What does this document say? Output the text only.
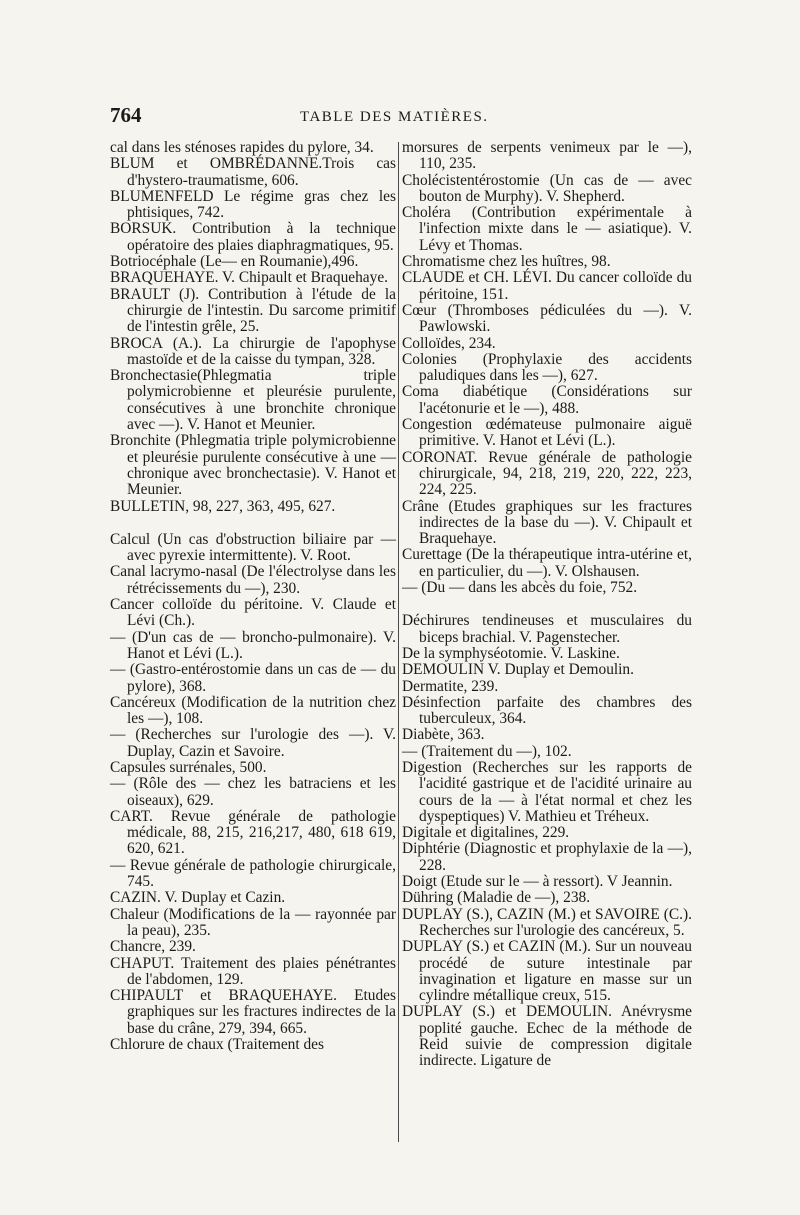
764	TABLE DES MATIÈRES.
cal dans les sténoses rapides du pylore, 34.
BLUM et OMBRÉDANNE.Trois cas d'hystero-traumatisme, 606.
BLUMENFELD Le régime gras chez les phtisiques, 742.
BORSUK. Contribution à la technique opératoire des plaies diaphragmatiques, 95.
Botriocéphale (Le— en Roumanie),496.
BRAQUEHAYE. V. Chipault et Braquehaye.
BRAULT (J). Contribution à l'étude de la chirurgie de l'intestin. Du sarcome primitif de l'intestin grêle, 25.
BROCA (A.). La chirurgie de l'apophyse mastoïde et de la caisse du tympan, 328.
Bronchectasie(Phlegmatia triple polymicrobienne et pleurésie purulente, consécutives à une bronchite chronique avec —). V. Hanot et Meunier.
Bronchite (Phlegmatia triple polymicrobienne et pleurésie purulente consécutive à une — chronique avec bronchectasie). V. Hanot et Meunier.
BULLETIN, 98, 227, 363, 495, 627.
Calcul (Un cas d'obstruction biliaire par — avec pyrexie intermittente). V. Root.
Canal lacrymo-nasal (De l'électrolyse dans les rétrécissements du —), 230.
Cancer colloïde du péritoine. V. Claude et Lévi (Ch.).
— (D'un cas de — broncho-pulmonaire). V. Hanot et Lévi (L.).
— (Gastro-entérostomie dans un cas de — du pylore), 368.
Cancéreux (Modification de la nutrition chez les —), 108.
— (Recherches sur l'urologie des —). V. Duplay, Cazin et Savoire.
Capsules surrénales, 500.
— (Rôle des — chez les batraciens et les oiseaux), 629.
CART. Revue générale de pathologie médicale, 88, 215, 216,217, 480, 618 619, 620, 621.
— Revue générale de pathologie chirurgicale, 745.
CAZIN. V. Duplay et Cazin.
Chaleur (Modifications de la — rayonnée par la peau), 235.
Chancre, 239.
CHAPUT. Traitement des plaies pénétrantes de l'abdomen, 129.
CHIPAULT et BRAQUEHAYE. Etudes graphiques sur les fractures indirectes de la base du crâne, 279, 394, 665.
Chlorure de chaux (Traitement des
morsures de serpents venimeux par le —), 110, 235.
Cholécistentérostomie (Un cas de — avec bouton de Murphy). V. Shepherd.
Choléra (Contribution expérimentale à l'infection mixte dans le — asiatique). V. Lévy et Thomas.
Chromatisme chez les huîtres, 98.
CLAUDE et CH. LÉVI. Du cancer colloïde du péritoine, 151.
Cœur (Thromboses pédiculées du —). V. Pawlowski.
Colloïdes, 234.
Colonies (Prophylaxie des accidents paludiques dans les —), 627.
Coma diabétique (Considérations sur l'acétonurie et le —), 488.
Congestion œdémateuse pulmonaire aiguë primitive. V. Hanot et Lévi (L.).
CORONAT. Revue générale de pathologie chirurgicale, 94, 218, 219, 220, 222, 223, 224, 225.
Crâne (Etudes graphiques sur les fractures indirectes de la base du —). V. Chipault et Braquehaye.
Curettage (De la thérapeutique intra-utérine et, en particulier, du —). V. Olshausen.
— (Du — dans les abcès du foie, 752.
Déchirures tendineuses et musculaires du biceps brachial. V. Pagenstecher.
De la symphyséotomie. V. Laskine.
DEMOULIN V. Duplay et Demoulin.
Dermatite, 239.
Désinfection parfaite des chambres des tuberculeux, 364.
Diabète, 363.
— (Traitement du —), 102.
Digestion (Recherches sur les rapports de l'acidité gastrique et de l'acidité urinaire au cours de la — à l'état normal et chez les dyspeptiques) V. Mathieu et Tréheux.
Digitale et digitalines, 229.
Diphtérie (Diagnostic et prophylaxie de la —), 228.
Doigt (Etude sur le — à ressort). V Jeannin.
Dühring (Maladie de —), 238.
DUPLAY (S.), CAZIN (M.) et SAVOIRE (C.). Recherches sur l'urologie des cancéreux, 5.
DUPLAY (S.) et CAZIN (M.). Sur un nouveau procédé de suture intestinale par invagination et ligature en masse sur un cylindre métallique creux, 515.
DUPLAY (S.) et DEMOULIN. Anévrysme poplité gauche. Echec de la méthode de Reid suivie de compression digitale indirecte. Ligature de
